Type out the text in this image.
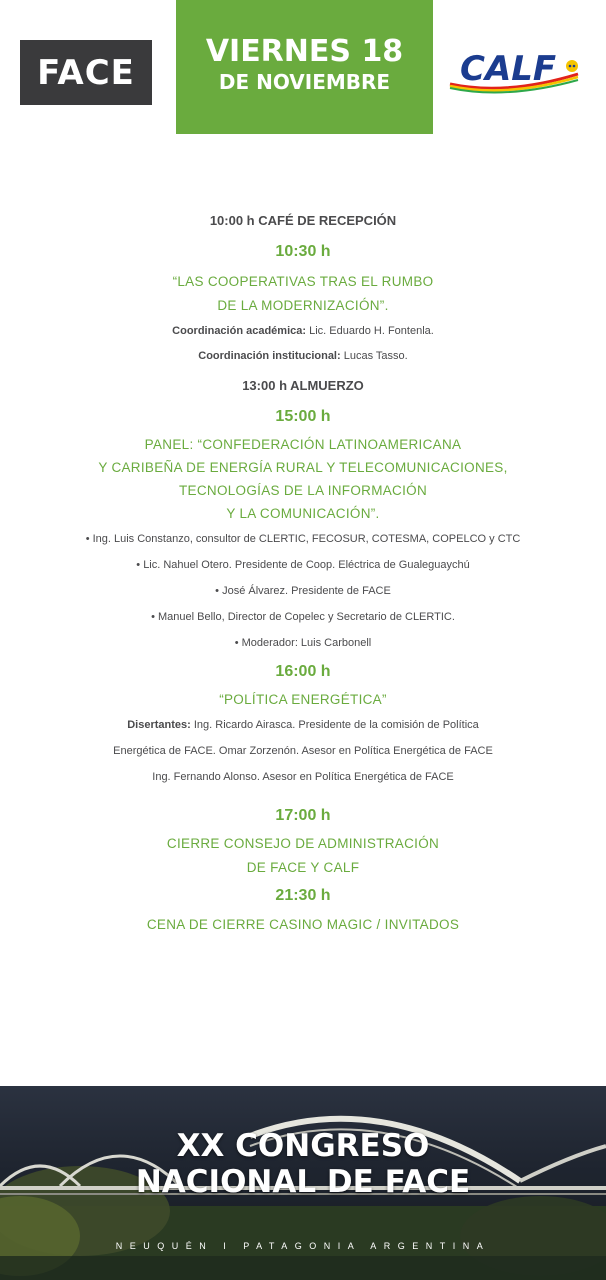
FACE
VIERNES 18
DE NOVIEMBRE	CALF
10:00 h CAFÉ DE RECEPCIÓN
10:30 h
“LAS COOPERATIVAS TRAS EL RUMBO
DE LA MODERNIZACIÓN”.
Coordinación académica: Lic. Eduardo H. Fontenla.
Coordinación institucional: Lucas Tasso.
13:00 h ALMUERZO
15:00 h
PANEL: “CONFEDERACIÓN LATINOAMERICANA
Y CARIBEÑA DE ENERGÍA RURAL Y TELECOMUNICACIONES,
TECNOLOGÍAS DE LA INFORMACIÓN
Y LA COMUNICACIÓN”.
• Ing. Luis Constanzo, consultor de CLERTIC, FECOSUR, COTESMA, COPELCO y CTC
• Lic. Nahuel Otero. Presidente de Coop. Eléctrica de Gualeguaychú
• José Álvarez. Presidente de FACE
• Manuel Bello, Director de Copelec y Secretario de CLERTIC.
• Moderador: Luis Carbonell
16:00 h
“POLÍTICA ENERGÉTICA”
Disertantes: Ing. Ricardo Airasca. Presidente de la comisión de Política
Energética de FACE. Omar Zorzenón. Asesor en Política Energética de FACE
Ing. Fernando Alonso. Asesor en Política Energética de FACE
17:00 h
CIERRE CONSEJO DE ADMINISTRACIÓN
DE FACE Y CALF
21:30 h
CENA DE CIERRE CASINO MAGIC / INVITADOS
XX CONGRESO
NACIONAL DE FACE
NEUQUÉN I PATAGONIA ARGENTINA
